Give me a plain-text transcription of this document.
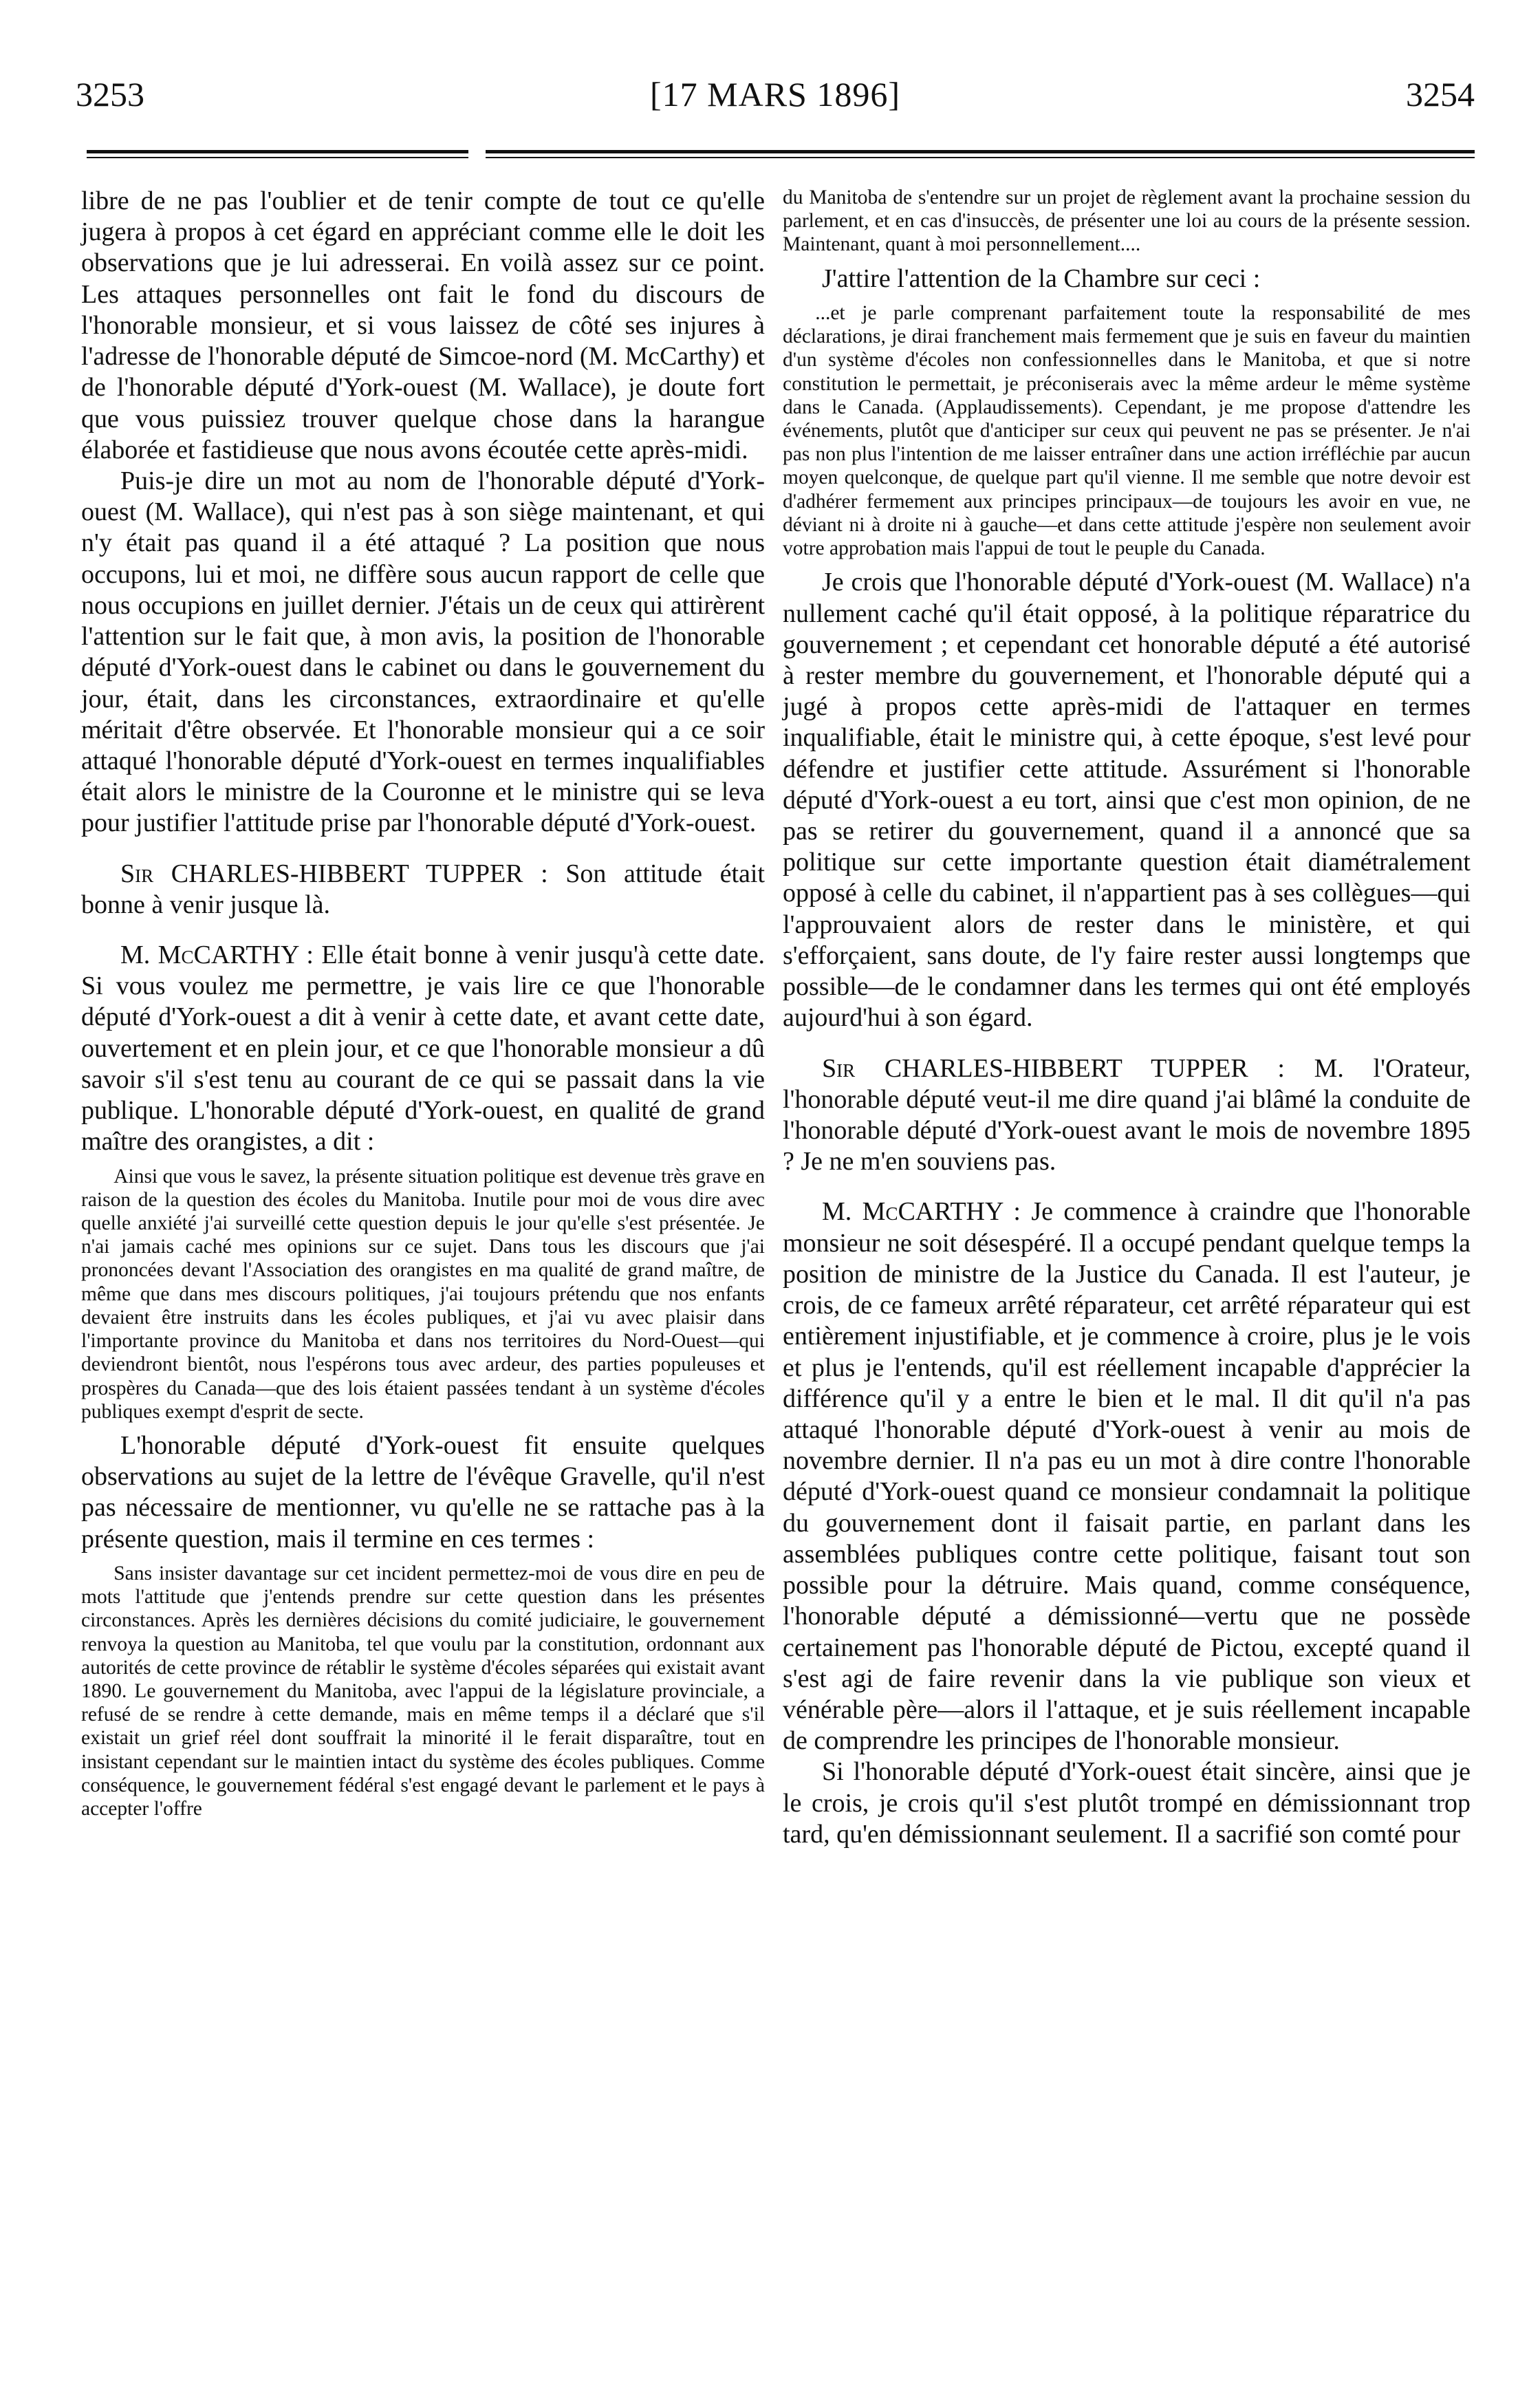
3253	[17 MARS 1896]	3254

libre de ne pas l'oublier et de tenir compte de tout ce qu'elle jugera à propos à cet égard en appréciant comme elle le doit les observations que je lui adresserai. En voilà assez sur ce point. Les attaques personnelles ont fait le fond du discours de l'honorable monsieur, et si vous laissez de côté ses injures à l'adresse de l'honorable député de Simcoe-nord (M. McCarthy) et de l'honorable député d'York-ouest (M. Wallace), je doute fort que vous puissiez trouver quelque chose dans la harangue élaborée et fastidieuse que nous avons écoutée cette après-midi.

Puis-je dire un mot au nom de l'honorable député d'York-ouest (M. Wallace), qui n'est pas à son siège maintenant, et qui n'y était pas quand il a été attaqué ? La position que nous occupons, lui et moi, ne diffère sous aucun rapport de celle que nous occupions en juillet dernier. J'étais un de ceux qui attirèrent l'attention sur le fait que, à mon avis, la position de l'honorable député d'York-ouest dans le cabinet ou dans le gouvernement du jour, était, dans les circonstances, extraordinaire et qu'elle méritait d'être observée. Et l'honorable monsieur qui a ce soir attaqué l'honorable député d'York-ouest en termes inqualifiables était alors le ministre de la Couronne et le ministre qui se leva pour justifier l'attitude prise par l'honorable député d'York-ouest.

Sir CHARLES-HIBBERT TUPPER : Son attitude était bonne à venir jusque là.

M. McCARTHY : Elle était bonne à venir jusqu'à cette date. Si vous voulez me permettre, je vais lire ce que l'honorable député d'York-ouest a dit à venir à cette date, et avant cette date, ouvertement et en plein jour, et ce que l'honorable monsieur a dû savoir s'il s'est tenu au courant de ce qui se passait dans la vie publique. L'honorable député d'York-ouest, en qualité de grand maître des orangistes, a dit :

Ainsi que vous le savez, la présente situation politique est devenue très grave en raison de la question des écoles du Manitoba. Inutile pour moi de vous dire avec quelle anxiété j'ai surveillé cette question depuis le jour qu'elle s'est présentée. Je n'ai jamais caché mes opinions sur ce sujet. Dans tous les discours que j'ai prononcées devant l'Association des orangistes en ma qualité de grand maître, de même que dans mes discours politiques, j'ai toujours prétendu que nos enfants devaient être instruits dans les écoles publiques, et j'ai vu avec plaisir dans l'importante province du Manitoba et dans nos territoires du Nord-Ouest—qui deviendront bientôt, nous l'espérons tous avec ardeur, des parties populeuses et prospères du Canada—que des lois étaient passées tendant à un système d'écoles publiques exempt d'esprit de secte.

L'honorable député d'York-ouest fit ensuite quelques observations au sujet de la lettre de l'évêque Gravelle, qu'il n'est pas nécessaire de mentionner, vu qu'elle ne se rattache pas à la présente question, mais il termine en ces termes :

Sans insister davantage sur cet incident permettez-moi de vous dire en peu de mots l'attitude que j'entends prendre sur cette question dans les présentes circonstances. Après les dernières décisions du comité judiciaire, le gouvernement renvoya la question au Manitoba, tel que voulu par la constitution, ordonnant aux autorités de cette province de rétablir le système d'écoles séparées qui existait avant 1890. Le gouvernement du Manitoba, avec l'appui de la législature provinciale, a refusé de se rendre à cette demande, mais en même temps il a déclaré que s'il existait un grief réel dont souffrait la minorité il le ferait disparaître, tout en insistant cependant sur le maintien intact du système des écoles publiques. Comme conséquence, le gouvernement fédéral s'est engagé devant le parlement et le pays à accepter l'offre

du Manitoba de s'entendre sur un projet de règlement avant la prochaine session du parlement, et en cas d'insuccès, de présenter une loi au cours de la présente session. Maintenant, quant à moi personnellement....

J'attire l'attention de la Chambre sur ceci :

...et je parle comprenant parfaitement toute la responsabilité de mes déclarations, je dirai franchement mais fermement que je suis en faveur du maintien d'un système d'écoles non confessionnelles dans le Manitoba, et que si notre constitution le permettait, je préconiserais avec la même ardeur le même système dans le Canada. (Applaudissements). Cependant, je me propose d'attendre les événements, plutôt que d'anticiper sur ceux qui peuvent ne pas se présenter. Je n'ai pas non plus l'intention de me laisser entraîner dans une action irréfléchie par aucun moyen quelconque, de quelque part qu'il vienne. Il me semble que notre devoir est d'adhérer fermement aux principes principaux—de toujours les avoir en vue, ne déviant ni à droite ni à gauche—et dans cette attitude j'espère non seulement avoir votre approbation mais l'appui de tout le peuple du Canada.

Je crois que l'honorable député d'York-ouest (M. Wallace) n'a nullement caché qu'il était opposé, à la politique réparatrice du gouvernement ; et cependant cet honorable député a été autorisé à rester membre du gouvernement, et l'honorable député qui a jugé à propos cette après-midi de l'attaquer en termes inqualifiable, était le ministre qui, à cette époque, s'est levé pour défendre et justifier cette attitude. Assurément si l'honorable député d'York-ouest a eu tort, ainsi que c'est mon opinion, de ne pas se retirer du gouvernement, quand il a annoncé que sa politique sur cette importante question était diamétralement opposé à celle du cabinet, il n'appartient pas à ses collègues—qui l'approuvaient alors de rester dans le ministère, et qui s'efforçaient, sans doute, de l'y faire rester aussi longtemps que possible—de le condamner dans les termes qui ont été employés aujourd'hui à son égard.

Sir CHARLES-HIBBERT TUPPER : M. l'Orateur, l'honorable député veut-il me dire quand j'ai blâmé la conduite de l'honorable député d'York-ouest avant le mois de novembre 1895 ? Je ne m'en souviens pas.

M. McCARTHY : Je commence à craindre que l'honorable monsieur ne soit désespéré. Il a occupé pendant quelque temps la position de ministre de la Justice du Canada. Il est l'auteur, je crois, de ce fameux arrêté réparateur, cet arrêté réparateur qui est entièrement injustifiable, et je commence à croire, plus je le vois et plus je l'entends, qu'il est réellement incapable d'apprécier la différence qu'il y a entre le bien et le mal. Il dit qu'il n'a pas attaqué l'honorable député d'York-ouest à venir au mois de novembre dernier. Il n'a pas eu un mot à dire contre l'honorable député d'York-ouest quand ce monsieur condamnait la politique du gouvernement dont il faisait partie, en parlant dans les assemblées publiques contre cette politique, faisant tout son possible pour la détruire. Mais quand, comme conséquence, l'honorable député a démissionné—vertu que ne possède certainement pas l'honorable député de Pictou, excepté quand il s'est agi de faire revenir dans la vie publique son vieux et vénérable père—alors il l'attaque, et je suis réellement incapable de comprendre les principes de l'honorable monsieur.

Si l'honorable député d'York-ouest était sincère, ainsi que je le crois, je crois qu'il s'est plutôt trompé en démissionnant trop tard, qu'en démissionnant seulement. Il a sacrifié son comté pour
